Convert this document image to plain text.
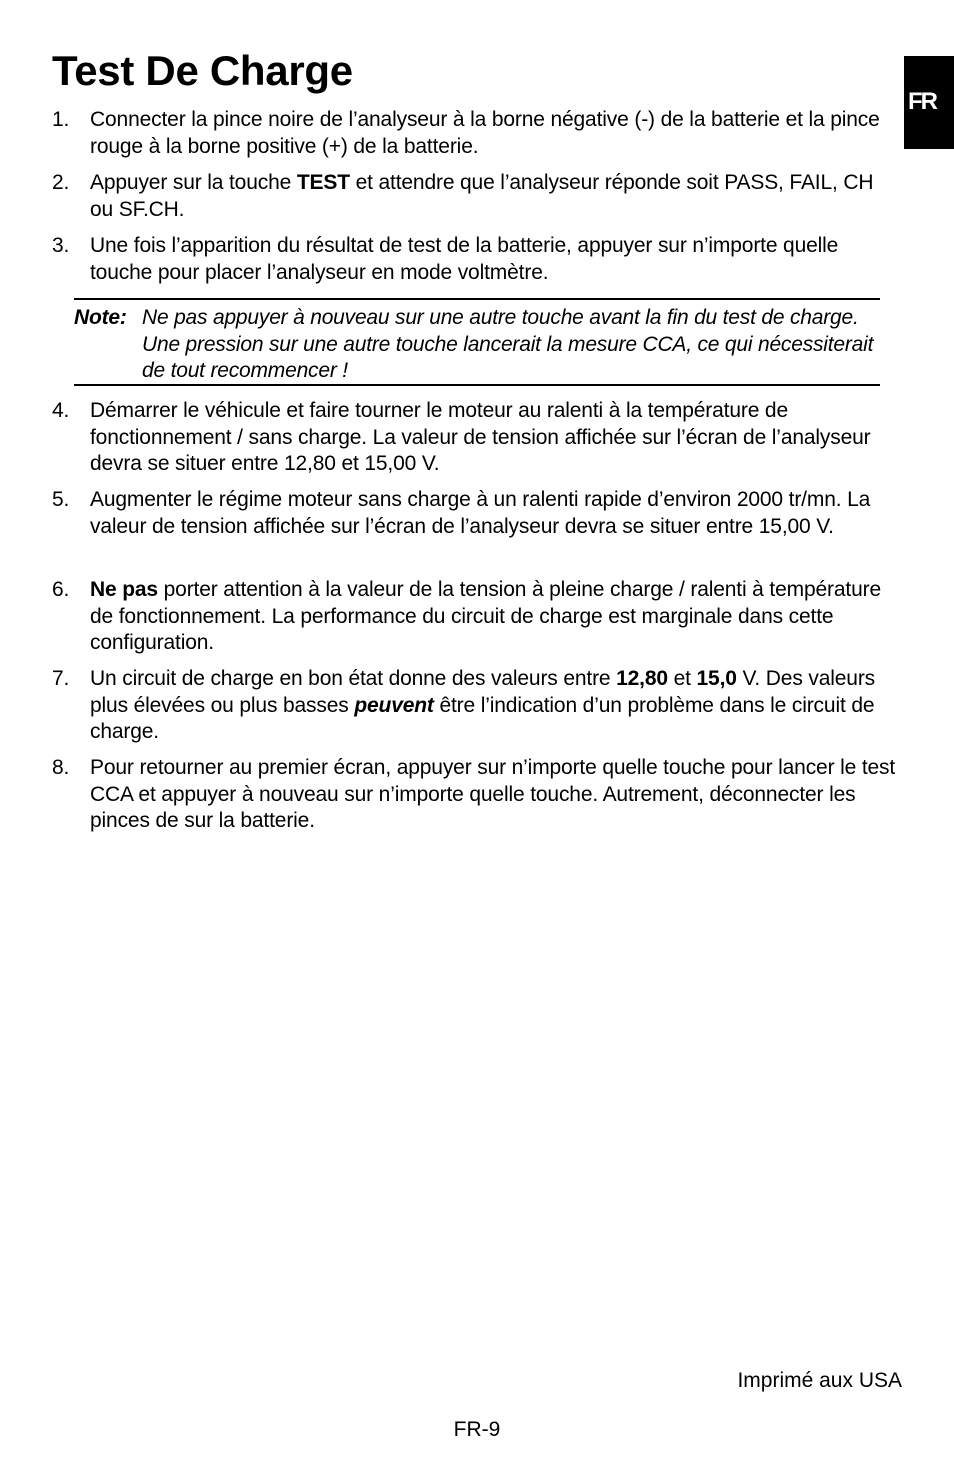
Test De Charge
FR
1. Connecter la pince noire de l’analyseur à la borne négative (-) de la batterie et la pince rouge à la borne positive (+) de la batterie.
2. Appuyer sur la touche TEST et attendre que l’analyseur réponde soit PASS, FAIL, CH ou SF.CH.
3. Une fois l’apparition du résultat de test de la batterie, appuyer sur n’importe quelle touche pour placer l’analyseur en mode voltmètre.
Note: Ne pas appuyer à nouveau sur une autre touche avant la fin du test de charge. Une pression sur une autre touche lancerait la mesure CCA, ce qui nécessiterait de tout recommencer !
4. Démarrer le véhicule et faire tourner le moteur au ralenti à la température de fonctionnement / sans charge. La valeur de tension affichée sur l’écran de l’analyseur devra se situer entre 12,80 et 15,00 V.
5. Augmenter le régime moteur sans charge à un ralenti rapide d’environ 2000 tr/mn. La valeur de tension affichée sur l’écran de l’analyseur devra se situer entre 15,00 V.
6. Ne pas porter attention à la valeur de la tension à pleine charge / ralenti à température de fonctionnement. La performance du circuit de charge est marginale dans cette configuration.
7. Un circuit de charge en bon état donne des valeurs entre 12,80 et 15,0 V. Des valeurs plus élevées ou plus basses peuvent être l’indication d’un problème dans le circuit de charge.
8. Pour retourner au premier écran, appuyer sur n’importe quelle touche pour lancer le test CCA et appuyer à nouveau sur n’importe quelle touche. Autrement, déconnecter les pinces de sur la batterie.
Imprimé aux USA
FR-9
